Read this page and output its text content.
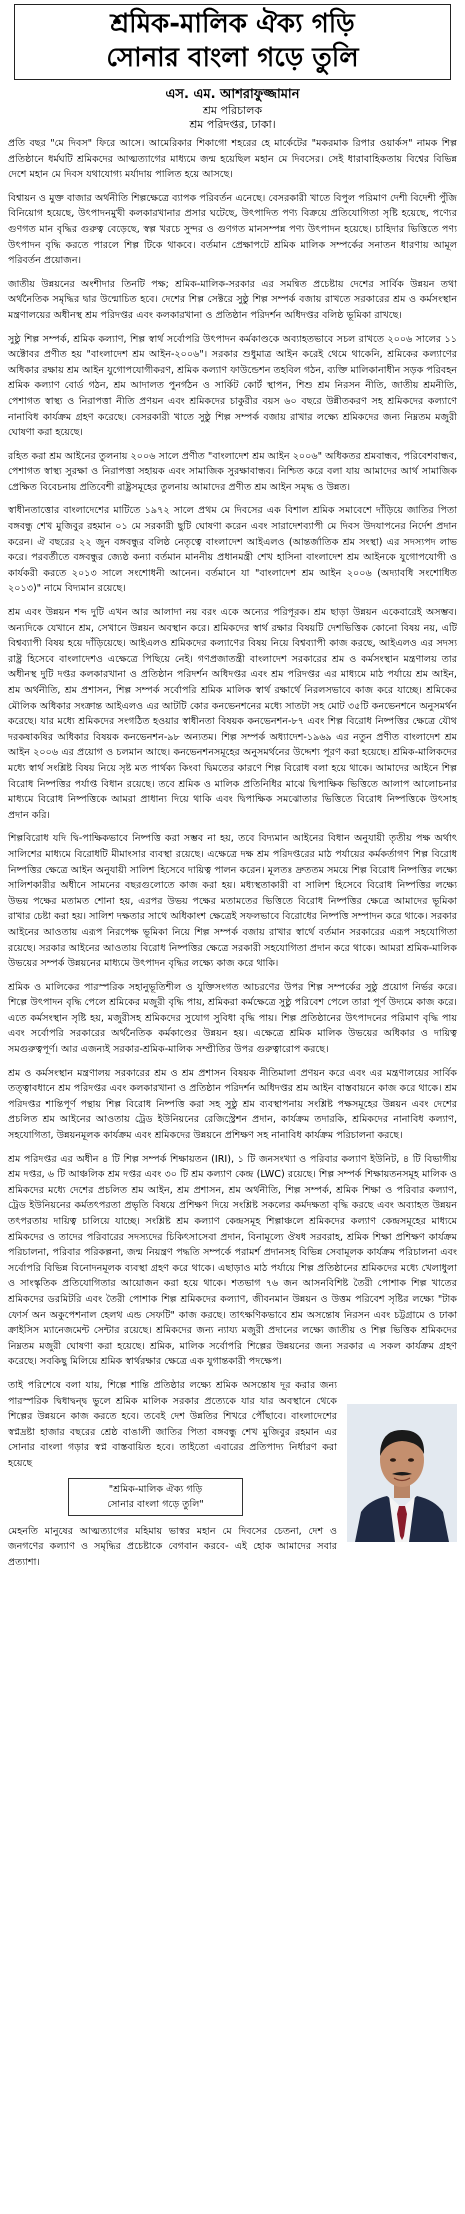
শ্রমিক-মালিক ঐক্য গড়ি
সোনার বাংলা গড়ে তুলি
এস. এম. আশরাফুজ্জামান
শ্রম পরিচালক
শ্রম পরিদপ্তর, ঢাকা।

প্রতি বছর "মে দিবস" ফিরে আসে। আমেরিকার শিকাগো শহরের হে মার্কেটের "মকরমাক রিপার ওয়ার্কস" নামক শিল্প প্রতিষ্ঠানে ধর্মঘটি শ্রমিকদের আত্মত্যাগের মাধ্যমে জন্ম হয়েছিল মহান মে দিবসের। সেই ধারাবাহিকতায় বিশ্বের বিভিন্ন দেশে মহান মে দিবস যথাযোগ্য মর্যাদায় পালিত হয়ে আসছে।

বিশ্বায়ন ও মুক্ত বাজার অর্থনীতি শিল্পক্ষেত্রে ব্যাপক পরিবর্তন এনেছে। বেসরকারী খাতে বিপুল পরিমাণ দেশী বিদেশী পুঁজি বিনিয়োগ হয়েছে, উৎপাদনমুখী কলকারখানার প্রসার ঘটেছে, উৎপাদিত পণ্য বিক্রয়ে প্রতিযোগিতা সৃষ্টি হয়েছে, পণ্যের গুণগত মান বৃদ্ধির গুরুত্ব বেড়েছে, স্বল্প খরচে সুন্দর ও গুণগত মানসম্পন্ন পণ্য উৎপাদন হয়েছে। চাহিদার ভিত্তিতে পণ্য উৎপাদন বৃদ্ধি করতে পারলে শিল্প টিকে থাকবে। বর্তমান প্রেক্ষাপটে শ্রমিক মালিক সম্পর্কের সনাতন ধারণায় আমূল পরিবর্তন প্রয়োজন।

জাতীয় উন্নয়নের অংশীদার তিনটি পক্ষ; শ্রমিক-মালিক-সরকার এর সমন্বিত প্রচেষ্টায় দেশের সার্বিক উন্নয়ন তথা অর্থনৈতিক সমৃদ্ধির দ্বার উন্মোচিত হবে। দেশের শিল্প সেক্টরে সুষ্ঠু শিল্প সম্পর্ক বজায় রাখতে সরকারের শ্রম ও কর্মসংস্থান মন্ত্রণালয়ের অধীনস্থ শ্রম পরিদপ্তর এবং কলকারখানা ও প্রতিষ্ঠান পরিদর্শন অধিদপ্তর বলিষ্ঠ ভূমিকা রাখছে।

সুষ্ঠু শিল্প সম্পর্ক, শ্রমিক কল্যাণ, শিল্প স্বার্থ সর্বোপরি উৎপাদন কর্মকাণ্ডকে অব্যাহতভাবে সচল রাখতে ২০০৬ সালের ১১ অক্টোবর প্রণীত হয় "বাংলাদেশ শ্রম আইন-২০০৬"। সরকার শুধুমাত্র আইন করেই থেমে থাকেনি, শ্রমিকের কল্যাণের অধিকার রক্ষায় শ্রম আইন যুগোপযোগীকরণ, শ্রমিক কল্যাণ ফাউন্ডেশন তহবিল গঠন, ব্যক্তি মালিকানাধীন সড়ক পরিবহন শ্রমিক কল্যাণ বোর্ড গঠন, শ্রম আদালত পুনর্গঠন ও সার্কিট কোর্ট স্থাপন, শিশু শ্রম নিরসন নীতি, জাতীয় শ্রমনীতি, পেশাগত স্বাস্থ্য ও নিরাপত্তা নীতি প্রণয়ন এবং শ্রমিকদের চাকুরীর বয়স ৬০ বছরে উন্নীতকরণ সহ শ্রমিকদের কল্যাণে নানাবিধ কার্যক্রম গ্রহণ করেছে। বেসরকারী খাতে সুষ্ঠু শিল্প সম্পর্ক বজায় রাখার লক্ষ্যে শ্রমিকদের জন্য নিম্নতম মজুরী ঘোষণা করা হয়েছে।

রহিত করা শ্রম আইনের তুলনায় ২০০৬ সালে প্রণীত "বাংলাদেশ শ্রম আইন ২০০৬" অধিকতর শ্রমবান্ধব, পরিবেশবান্ধব, পেশাগত স্বাস্থ্য সুরক্ষা ও নিরাপত্তা সহায়ক এবং সামাজিক সুরক্ষাবান্ধব। নিশ্চিত করে বলা যায় আমাদের আর্থ সামাজিক প্রেক্ষিত বিবেচনায় প্রতিবেশী রাষ্ট্রসমূহের তুলনায় আমাদের প্রণীত শ্রম আইন সমৃদ্ধ ও উন্নত।

স্বাধীনতাত্তোর বাংলাদেশের মাটিতে ১৯৭২ সালে প্রথম মে দিবসের এক বিশাল শ্রমিক সমাবেশে দাঁড়িয়ে জাতির পিতা বঙ্গবন্ধু শেখ মুজিবুর রহমান ০১ মে সরকারী ছুটি ঘোষণা করেন এবং সারাদেশব্যাপী মে দিবস উদযাপনের নির্দেশ প্রদান করেন। ঐ বছরের ২২ জুন বঙ্গবন্ধুর বলিষ্ঠ নেতৃত্বে বাংলাদেশ আইএলও (আন্তর্জাতিক শ্রম সংস্থা) এর সদস্যপদ লাভ করে। পরবর্তীতে বঙ্গবন্ধুর জ্যেষ্ঠ কন্যা বর্তমান মাননীয় প্রধানমন্ত্রী শেখ হাসিনা বাংলাদেশ শ্রম আইনকে যুগোপযোগী ও কার্যকরী করতে ২০১৩ সালে সংশোধনী আনেন। বর্তমানে যা "বাংলাদেশ শ্রম আইন ২০০৬ (অদ্যাবধি সংশোধিত ২০১৩)" নামে বিদ্যমান রয়েছে।

শ্রম এবং উন্নয়ন শব্দ দুটি এখন আর আলাদা নয় বরং একে অন্যের পরিপূরক। শ্রম ছাড়া উন্নয়ন একেবারেই অসম্ভব। অন্যদিকে যেখানে শ্রম, সেখানে উন্নয়ন অবস্থান করে। শ্রমিকদের স্বার্থ রক্ষার বিষয়টি দেশভিত্তিক কোনো বিষয় নয়, এটি বিশ্বব্যাপী বিষয় হয়ে দাঁড়িয়েছে। আইএলও শ্রমিকদের কল্যাণের বিষয় নিয়ে বিশ্বব্যাপী কাজ করছে, আইএলও এর সদস্য রাষ্ট্র হিসেবে বাংলাদেশও এক্ষেত্রে পিছিয়ে নেই। গণপ্রজাতন্ত্রী বাংলাদেশ সরকারের শ্রম ও কর্মসংস্থান মন্ত্রণালয় তার অধীনস্থ দুটি দপ্তর কলকারখানা ও প্রতিষ্ঠান পরিদর্শন অধিদপ্তর এবং শ্রম পরিদপ্তর এর মাধ্যমে মাঠ পর্যায়ে শ্রম আইন, শ্রম অর্থনীতি, শ্রম প্রশাসন, শিল্প সম্পর্ক সর্বোপরি শ্রমিক মালিক স্বার্থ রক্ষার্থে নিরলসভাবে কাজ করে যাচ্ছে। শ্রমিকের মৌলিক অধিকার সংক্রান্ত আইএলও এর আটটি কোর কনভেনশনের মধ্যে সাতটা সহ মোট ৩৫টি কনভেনশনে অনুসমর্থন করেছে। যার মধ্যে শ্রমিকদের সংগঠিত হওয়ার স্বাধীনতা বিষয়ক কনভেনশন-৮৭ এবং শিল্প বিরোধ নিষ্পত্তির ক্ষেত্রে যৌথ দরকষাকষির অধিকার বিষয়ক কনভেনশন-৯৮ অন্যতম। শিল্প সম্পর্ক অধ্যাদেশ-১৯৬৯ এর নতুন প্রণীত বাংলাদেশ শ্রম আইন ২০০৬ এর প্রয়োগ ও চলমান আছে। কনভেনশনসমূহের অনুসমর্থনের উদ্দেশ্য পূরণ করা হয়েছে। শ্রমিক-মালিকদের মধ্যে স্বার্থ সংশ্লিষ্ট বিষয় নিয়ে সৃষ্ট মত পার্থক্য কিংবা দ্বিমতের কারণে শিল্প বিরোধ বলা হয়ে থাকে। আমাদের আইনে শিল্প বিরোধ নিষ্পত্তির পর্যাপ্ত বিধান রয়েছে। তবে শ্রমিক ও মালিক প্রতিনিধির মাঝে দ্বিপাক্ষিক ভিত্তিতে আলাপ আলোচনার মাধ্যমে বিরোধ নিষ্পত্তিকে আমরা প্রাধান্য দিয়ে থাকি এবং দ্বিপাক্ষিক সমঝোতার ভিত্তিতে বিরোধ নিষ্পত্তিকে উৎসাহ প্রদান করি।

শিল্পবিরোধ যদি দ্বি-পাক্ষিকভাবে নিষ্পত্তি করা সম্ভব না হয়, তবে বিদ্যমান আইনের বিধান অনুযায়ী তৃতীয় পক্ষ অর্থাৎ সালিশের মাধ্যমে বিরোধটি মীমাংসার ব্যবস্থা রয়েছে। এক্ষেত্রে দক্ষ শ্রম পরিদপ্তরের মাঠ পর্যায়ের কর্মকর্তাগণ শিল্প বিরোধ নিষ্পত্তির ক্ষেত্রে আইন অনুযায়ী সালিশ হিসেবে দায়িত্ব পালন করেন। মূলতঃ দ্রুততম সময়ে শিল্প বিরোধ নিষ্পত্তির লক্ষ্যে সালিশকারীর অধীনে সামনের বছরগুলোতে কাজ করা হয়। মধ্যস্থতাকারী বা সালিশ হিসেবে বিরোধ নিষ্পত্তির লক্ষ্যে উভয় পক্ষের মতামত শোনা হয়, এরপর উভয় পক্ষের মতামতের ভিত্তিতে বিরোধ নিষ্পত্তির ক্ষেত্রে আমাদের ভূমিকা রাখার চেষ্টা করা হয়। সালিশ দক্ষতার সাথে অধিকাংশ ক্ষেত্রেই সফলভাবে বিরোধের নিষ্পত্তি সম্পাদন করে থাকে। সরকার আইনের আওতায় এরূপ নিরপেক্ষ ভূমিকা নিয়ে শিল্প সম্পর্ক বজায় রাখার স্বার্থে বর্তমান সরকারের এরূপ সহযোগিতা রয়েছে। সরকার আইনের আওতায় বিরোধ নিষ্পত্তির ক্ষেত্রে সরকারী সহযোগিতা প্রদান করে থাকে। আমরা শ্রমিক-মালিক উভয়ের সম্পর্ক উন্নয়নের মাধ্যমে উৎপাদন বৃদ্ধির লক্ষ্যে কাজ করে থাকি।

শ্রমিক ও মালিকের পারস্পরিক সহানুভূতিশীল ও যুক্তিসংগত আচরণের উপর শিল্প সম্পর্কের সুষ্ঠু প্রয়োগ নির্ভর করে। শিল্পে উৎপাদন বৃদ্ধি পেলে শ্রমিকের মজুরী বৃদ্ধি পায়, শ্রমিকরা কর্মক্ষেত্রে সুষ্ঠু পরিবেশ পেলে তারা পূর্ণ উদ্যমে কাজ করে। এতে কর্মসংস্থান সৃষ্টি হয়, মজুরীসহ শ্রমিকদের সুযোগ সুবিধা বৃদ্ধি পায়। শিল্প প্রতিষ্ঠানের উৎপাদনের পরিমাণ বৃদ্ধি পায় এবং সর্বোপরি সরকারের অর্থনৈতিক কর্মকাণ্ডের উন্নয়ন হয়। এক্ষেত্রে শ্রমিক মালিক উভয়ের অধিকার ও দায়িত্ব সমগুরুত্বপূর্ণ। আর এজন্যই সরকার-শ্রমিক-মালিক সম্প্রীতির উপর গুরুত্বারোপ করছে।

শ্রম ও কর্মসংস্থান মন্ত্রণালয় সরকারের শ্রম ও শ্রম প্রশাসন বিষয়ক নীতিমালা প্রণয়ন করে এবং এর মন্ত্রণালয়ের সার্বিক তত্ত্বাবধানে শ্রম পরিদপ্তর এবং কলকারখানা ও প্রতিষ্ঠান পরিদর্শন অধিদপ্তর শ্রম আইন বাস্তবায়নে কাজ করে থাকে। শ্রম পরিদপ্তর শান্তিপূর্ণ পন্থায় শিল্প বিরোধ নিষ্পত্তি করা সহ সুষ্ঠু শ্রম ব্যবস্থাপনায় সংশ্লিষ্ট পক্ষসমূহের উন্নয়ন এবং দেশের প্রচলিত শ্রম আইনের আওতায় ট্রেড ইউনিয়নের রেজিস্ট্রেশন প্রদান, কার্যক্রম তদারকি, শ্রমিকদের নানাবিধ কল্যাণ, সহযোগিতা, উন্নয়নমূলক কার্যক্রম এবং শ্রমিকদের উন্নয়নে প্রশিক্ষণ সহ নানাবিধ কার্যক্রম পরিচালনা করছে।

শ্রম পরিদপ্তর এর অধীন ৪ টি শিল্প সম্পর্ক শিক্ষায়তন (IRI), ১ টি জনসংখ্যা ও পরিবার কল্যাণ ইউনিট, ৪ টি বিভাগীয় শ্রম দপ্তর, ৬ টি আঞ্চলিক শ্রম দপ্তর এবং ৩০ টি শ্রম কল্যাণ কেন্দ্র (LWC) রয়েছে। শিল্প সম্পর্ক শিক্ষায়তনসমূহ মালিক ও শ্রমিকদের মধ্যে দেশের প্রচলিত শ্রম আইন, শ্রম প্রশাসন, শ্রম অর্থনীতি, শিল্প সম্পর্ক, শ্রমিক শিক্ষা ও পরিবার কল্যাণ, ট্রেড ইউনিয়নের কর্মতৎপরতা প্রভৃতি বিষয়ে প্রশিক্ষণ দিয়ে সংশ্লিষ্ট সকলের কর্মদক্ষতা বৃদ্ধি করছে এবং অব্যাহত উন্নয়ন তৎপরতায় দায়িত্ব চালিয়ে যাচ্ছে। সংশ্লিষ্ট শ্রম কল্যাণ কেন্দ্রসমূহ শিল্পাঞ্চলে শ্রমিকদের কল্যাণ কেন্দ্রসমূহের মাধ্যমে শ্রমিকদের ও তাদের পরিবারের সদস্যদের চিকিৎসাসেবা প্রদান, বিনামূল্যে ঔষধ সরবরাহ, শ্রমিক শিক্ষা প্রশিক্ষণ কার্যক্রম পরিচালনা, পরিবার পরিকল্পনা, জন্ম নিয়ন্ত্রণ পদ্ধতি সম্পর্কে পরামর্শ প্রদানসহ বিভিন্ন সেবামূলক কার্যক্রম পরিচালনা এবং সর্বোপরি বিভিন্ন বিনোদনমূলক ব্যবস্থা গ্রহণ করে থাকে। এছাড়াও মাঠ পর্যায়ে শিল্প প্রতিষ্ঠানের শ্রমিকদের মধ্যে খেলাধুলা ও সাংস্কৃতিক প্রতিযোগিতার আয়োজন করা হয়ে থাকে। শতভাগ ৭৬ জন আসনবিশিষ্ট তৈরী পোশাক শিল্প খাতের শ্রমিকদের ডরমিটরি এবং তৈরী পোশাক শিল্প শ্রমিকদের কল্যাণ, জীবনমান উন্নয়ন ও উত্তম পরিবেশ সৃষ্টির লক্ষ্যে "টাক ফোর্স অন অকুপেশনাল হেলথ এন্ড সেফটি" কাজ করছে। তাৎক্ষণিকভাবে শ্রম অসন্তোষ নিরসন এবং চট্টগ্রামে ও ঢাকা ক্রাইসিস ম্যানেজমেন্ট সেন্টার রয়েছে। শ্রমিকদের জন্য ন্যায্য মজুরী প্রদানের লক্ষ্যে জাতীয় ও শিল্প ভিত্তিক শ্রমিকদের নিম্নতম মজুরী ঘোষণা করা হয়েছে। শ্রমিক, মালিক সর্বোপরি শিল্পের উন্নয়নের জন্য সরকার এ সকল কার্যক্রম গ্রহণ করেছে। সবকিছু মিলিয়ে শ্রমিক স্বার্থরক্ষার ক্ষেত্রে এক যুগান্তকারী পদক্ষেপ।

তাই পরিশেষে বলা যায়, শিল্পে শান্তি প্রতিষ্ঠার লক্ষ্যে শ্রমিক অসন্তোষ দূর করার জন্য পারস্পরিক দ্বিধাদ্বন্দ্ব ভুলে শ্রমিক মালিক সরকার প্রত্যেকে যার যার অবস্থানে থেকে শিল্পের উন্নয়নে কাজ করতে হবে। তবেই দেশ উন্নতির শিখরে পৌঁছাবে। বাংলাদেশের স্বপ্নদ্রষ্টা হাজার বছরের শ্রেষ্ঠ বাঙালী জাতির পিতা বঙ্গবন্ধু শেখ মুজিবুর রহমান এর সোনার বাংলা গড়ার স্বপ্ন বাস্তবায়িত হবে। তাইতো এবারের প্রতিপাদ্য নির্ধারণ করা হয়েছে
"শ্রমিক-মালিক ঐক্য গড়ি
সোনার বাংলা গড়ে তুলি"
মেহনতি মানুষের আত্মত্যাগের মহিমায় ভাস্বর মহান মে দিবসের চেতনা, দেশ ও জনগণের কল্যাণ ও সমৃদ্ধির প্রচেষ্টাকে বেগবান করবে- এই হোক আমাদের সবার প্রত্যাশা।
